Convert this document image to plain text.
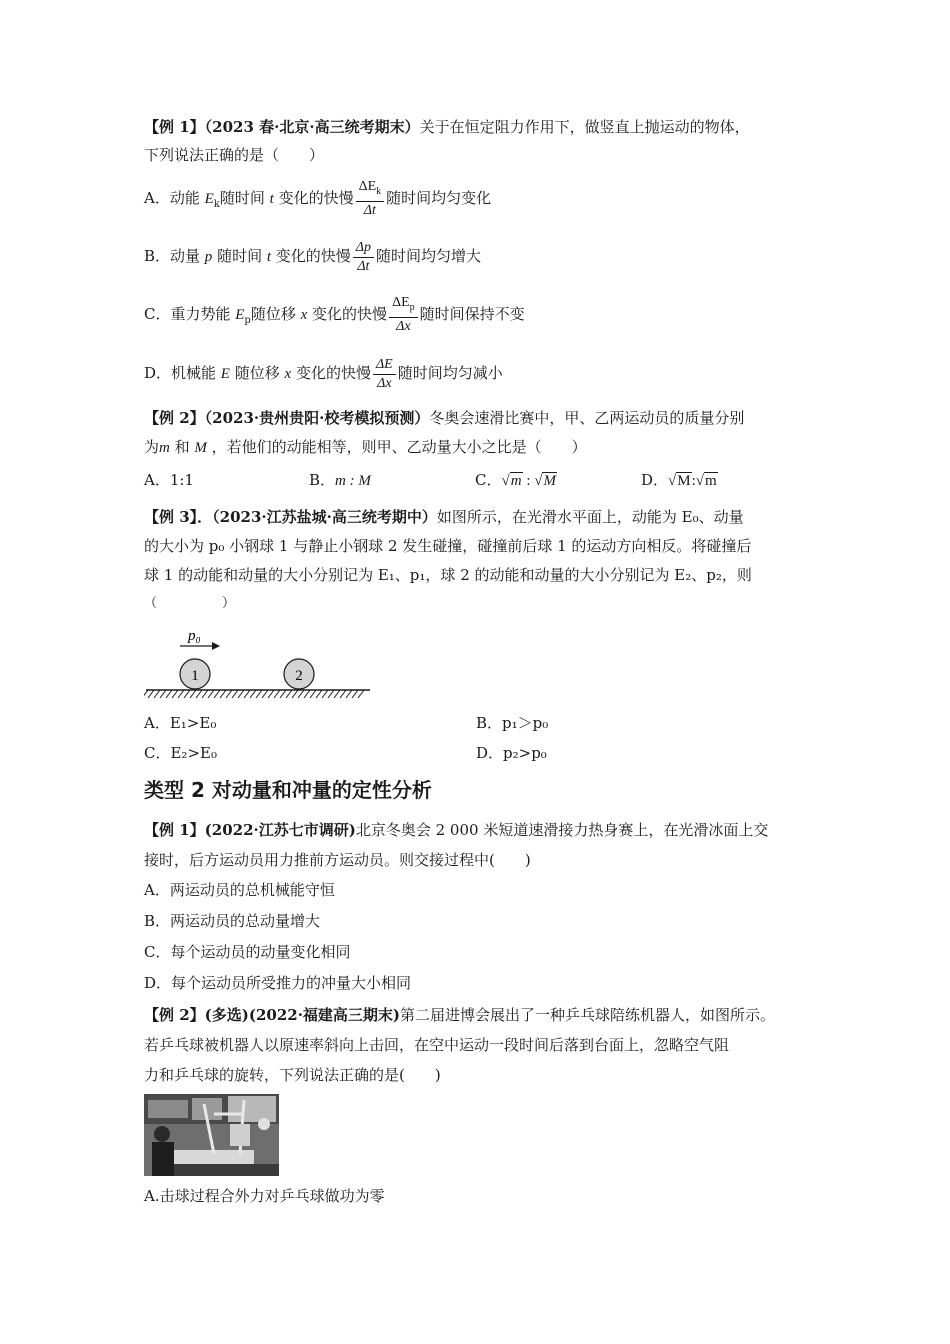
【例 1】（2023 春·北京·高三统考期末）关于在恒定阻力作用下，做竖直上抛运动的物体，
下列说法正确的是（　　）
A．动能 $E_k$随时间 t 变化的快慢 $\frac{\Delta E_k}{\Delta t}$ 随时间均匀变化
B．动量 p 随时间 t 变化的快慢 $\frac{\Delta p}{\Delta t}$ 随时间均匀增大
C．重力势能 $E_p$随位移 x 变化的快慢 $\frac{\Delta E_p}{\Delta x}$ 随时间保持不变
D．机械能 E 随位移 x 变化的快慢 $\frac{\Delta E}{\Delta x}$ 随时间均匀减小
【例 2】（2023·贵州贵阳·校考模拟预测）冬奥会速滑比赛中，甲、乙两运动员的质量分别
为m 和 M ，若他们的动能相等，则甲、乙动量大小之比是（　　）
A．1:1	B．m : M	C．√m : √M	D．√M:√m
【例 3】．（2023·江苏盐城·高三统考期中）如图所示，在光滑水平面上，动能为 E₀、动量
的大小为 p₀ 小钢球 1 与静止小钢球 2 发生碰撞，碰撞前后球 1 的运动方向相反。将碰撞后
球 1 的动能和动量的大小分别记为 E₁、p₁，球 2 的动能和动量的大小分别记为 E₂、p₂，则
（　　　　　）
p₀
1	2
A．E₁>E₀	B．p₁＞p₀
C．E₂>E₀	D．p₂>p₀
类型 2 对动量和冲量的定性分析
【例 1】(2022·江苏七市调研)北京冬奥会 2 000 米短道速滑接力热身赛上，在光滑冰面上交
接时，后方运动员用力推前方运动员。则交接过程中(　　)
A．两运动员的总机械能守恒
B．两运动员的总动量增大
C．每个运动员的动量变化相同
D．每个运动员所受推力的冲量大小相同
【例 2】(多选)(2022·福建高三期末)第二届进博会展出了一种乒乓球陪练机器人，如图所示。
若乒乓球被机器人以原速率斜向上击回，在空中运动一段时间后落到台面上，忽略空气阻
力和乒乓球的旋转，下列说法正确的是(　　)
A.击球过程合外力对乒乓球做功为零
